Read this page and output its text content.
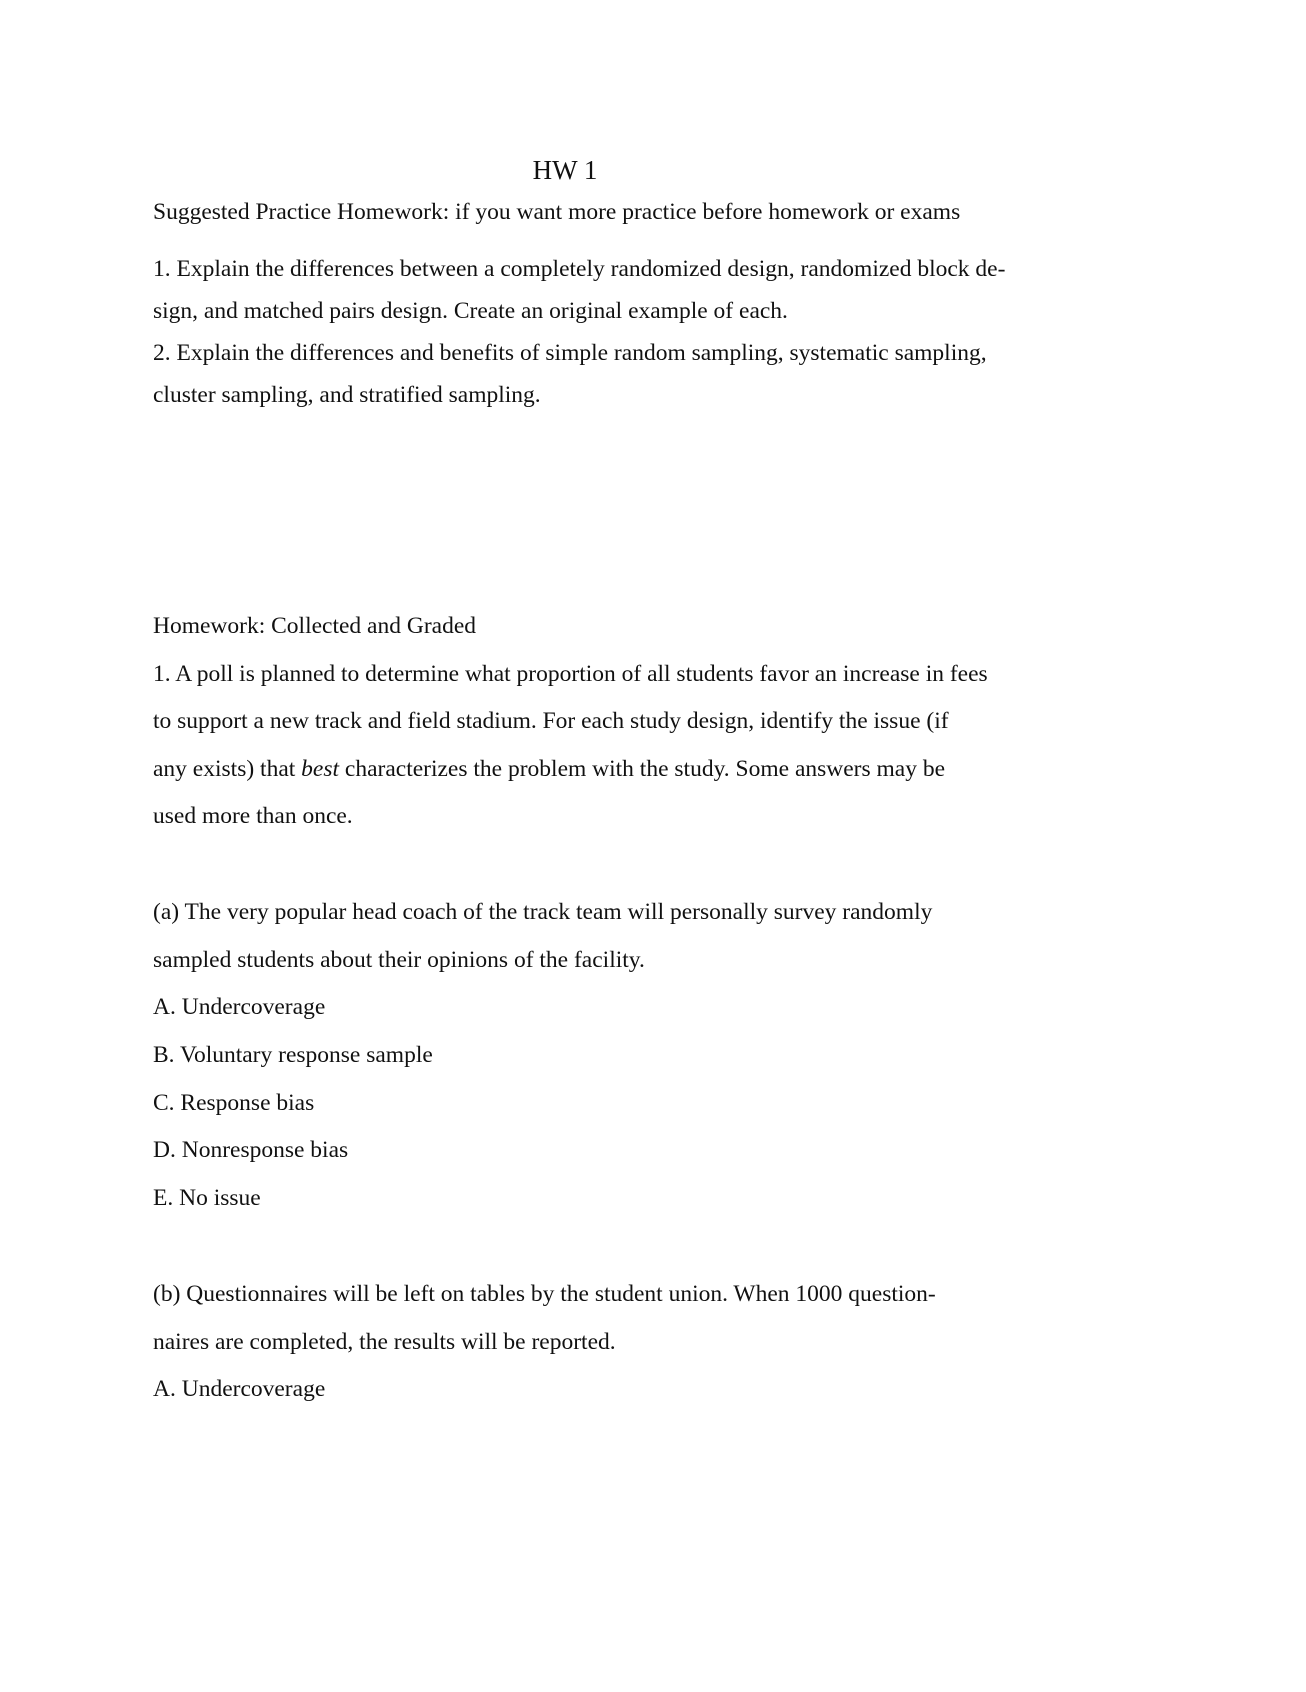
HW 1
Suggested Practice Homework: if you want more practice before homework or exams
1. Explain the differences between a completely randomized design, randomized block de-
sign, and matched pairs design. Create an original example of each.
2. Explain the differences and benefits of simple random sampling, systematic sampling,
cluster sampling, and stratified sampling.
Homework: Collected and Graded
1. A poll is planned to determine what proportion of all students favor an increase in fees
to support a new track and field stadium. For each study design, identify the issue (if
any exists) that best characterizes the problem with the study. Some answers may be
used more than once.
(a) The very popular head coach of the track team will personally survey randomly
sampled students about their opinions of the facility.
A. Undercoverage
B. Voluntary response sample
C. Response bias
D. Nonresponse bias
E. No issue
(b) Questionnaires will be left on tables by the student union. When 1000 question-
naires are completed, the results will be reported.
A. Undercoverage
